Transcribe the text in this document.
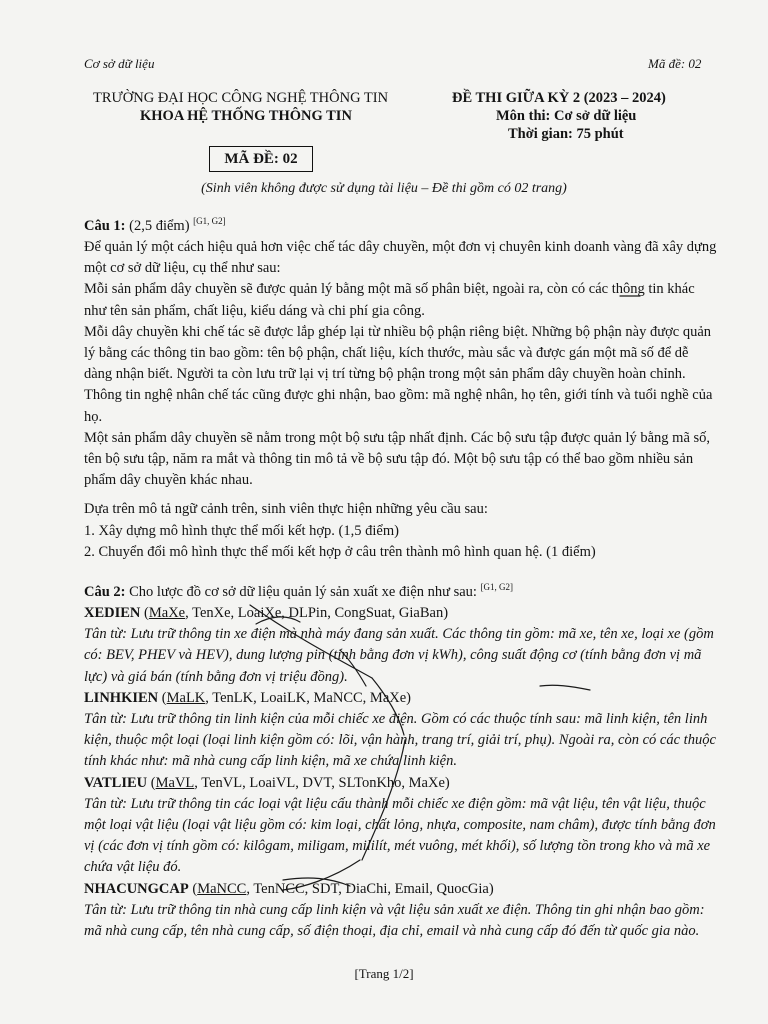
Cơ sở dữ liệu	Mã đề: 02
TRƯỜNG ĐẠI HỌC CÔNG NGHỆ THÔNG TIN
KHOA HỆ THỐNG THÔNG TIN
ĐỀ THI GIỮA KỲ 2 (2023 – 2024)
Môn thi: Cơ sở dữ liệu
Thời gian: 75 phút
MÃ ĐỀ: 02
(Sinh viên không được sử dụng tài liệu – Đề thi gồm có 02 trang)

Câu 1: (2,5 điểm) [G1, G2]

Để quản lý một cách hiệu quả hơn việc chế tác dây chuyền, một đơn vị chuyên kinh doanh vàng đã xây dựng một cơ sở dữ liệu, cụ thể như sau:

Mỗi sản phẩm dây chuyền sẽ được quản lý bằng một mã số phân biệt, ngoài ra, còn có các thông tin khác như tên sản phẩm, chất liệu, kiểu dáng và chi phí gia công.

Mỗi dây chuyền khi chế tác sẽ được lắp ghép lại từ nhiều bộ phận riêng biệt. Những bộ phận này được quản lý bằng các thông tin bao gồm: tên bộ phận, chất liệu, kích thước, màu sắc và được gán một mã số để dễ dàng nhận biết. Người ta còn lưu trữ lại vị trí từng bộ phận trong một sản phẩm dây chuyền hoàn chỉnh.

Thông tin nghệ nhân chế tác cũng được ghi nhận, bao gồm: mã nghệ nhân, họ tên, giới tính và tuổi nghề của họ.

Một sản phẩm dây chuyền sẽ nằm trong một bộ sưu tập nhất định. Các bộ sưu tập được quản lý bằng mã số, tên bộ sưu tập, năm ra mắt và thông tin mô tả về bộ sưu tập đó. Một bộ sưu tập có thể bao gồm nhiều sản phẩm dây chuyền khác nhau.

Dựa trên mô tả ngữ cảnh trên, sinh viên thực hiện những yêu cầu sau:

1. Xây dựng mô hình thực thể mối kết hợp. (1,5 điểm)

2. Chuyển đổi mô hình thực thể mối kết hợp ở câu trên thành mô hình quan hệ. (1 điểm)

Câu 2: Cho lược đồ cơ sở dữ liệu quản lý sản xuất xe điện như sau: [G1, G2]

XEDIEN (MaXe, TenXe, LoaiXe, DLPin, CongSuat, GiaBan)

Tân từ: Lưu trữ thông tin xe điện mà nhà máy đang sản xuất. Các thông tin gồm: mã xe, tên xe, loại xe (gồm có: BEV, PHEV và HEV), dung lượng pin (tính bằng đơn vị kWh), công suất động cơ (tính bằng đơn vị mã lực) và giá bán (tính bằng đơn vị triệu đồng).

LINHKIEN (MaLK, TenLK, LoaiLK, MaNCC, MaXe)

Tân từ: Lưu trữ thông tin linh kiện của mỗi chiếc xe điện. Gồm có các thuộc tính sau: mã linh kiện, tên linh kiện, thuộc một loại (loại linh kiện gồm có: lõi, vận hành, trang trí, giải trí, phụ). Ngoài ra, còn có các thuộc tính khác như: mã nhà cung cấp linh kiện, mã xe chứa linh kiện.

VATLIEU (MaVL, TenVL, LoaiVL, DVT, SLTonKho, MaXe)

Tân từ: Lưu trữ thông tin các loại vật liệu cấu thành mỗi chiếc xe điện gồm: mã vật liệu, tên vật liệu, thuộc một loại vật liệu (loại vật liệu gồm có: kim loại, chất lỏng, nhựa, composite, nam châm), được tính bằng đơn vị (các đơn vị tính gồm có: kilôgam, miligam, mililít, mét vuông, mét khối), số lượng tồn trong kho và mã xe chứa vật liệu đó.

NHACUNGCAP (MaNCC, TenNCC, SDT, DiaChi, Email, QuocGia)

Tân từ: Lưu trữ thông tin nhà cung cấp linh kiện và vật liệu sản xuất xe điện. Thông tin ghi nhận bao gồm: mã nhà cung cấp, tên nhà cung cấp, số điện thoại, địa chỉ, email và nhà cung cấp đó đến từ quốc gia nào.

[Trang 1/2]
